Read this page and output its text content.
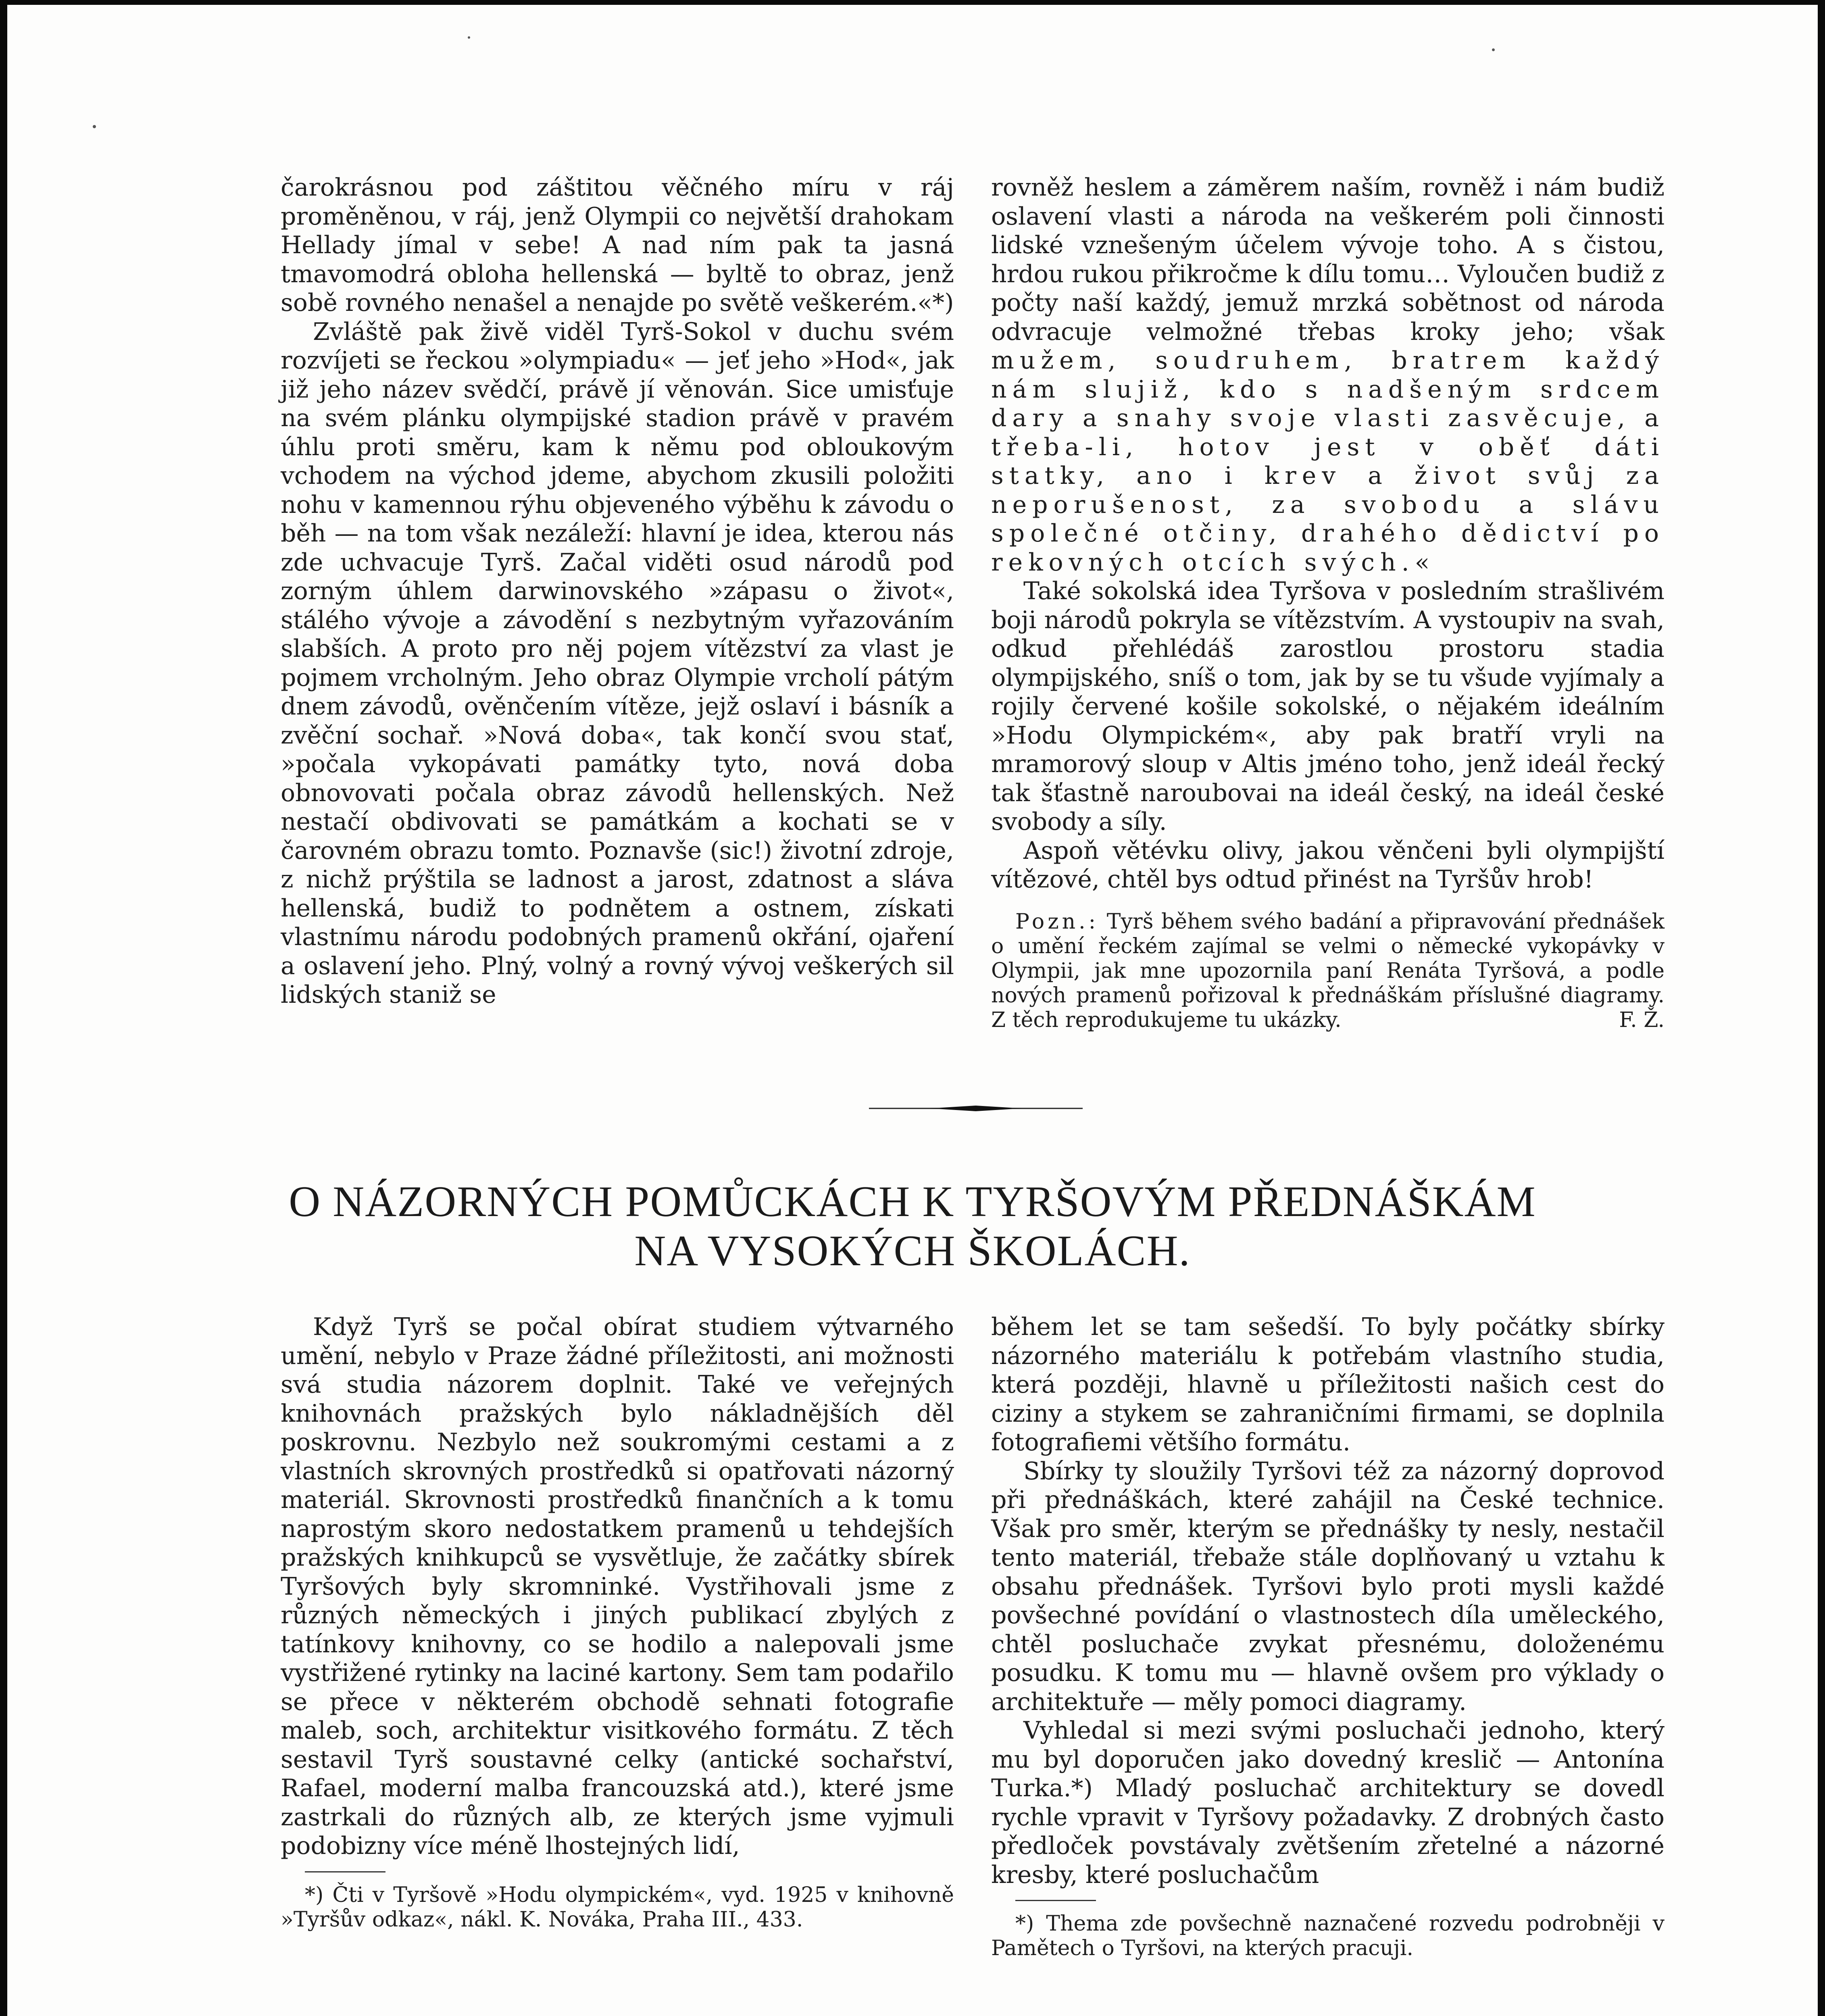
čarokrásnou pod záštitou věčného míru v ráj proměněnou, v ráj, jenž Olympii co největší drahokam Hellady jímal v sebe! A nad ním pak ta jasná tmavomodrá obloha hellenská — byltě to obraz, jenž sobě rovného nenašel a nenajde po světě veškerém.«*)

Zvláště pak živě viděl Tyrš-Sokol v duchu svém rozvíjeti se řeckou »olympiadu« — jeť jeho »Hod«, jak již jeho název svědčí, právě jí věnován. Sice umisťuje na svém plánku olympijské stadion právě v pravém úhlu proti směru, kam k němu pod obloukovým vchodem na východ jdeme, abychom zkusili položiti nohu v kamennou rýhu objeveného výběhu k závodu o běh — na tom však nezáleží: hlavní je idea, kterou nás zde uchvacuje Tyrš. Začal viděti osud národů pod zorným úhlem darwinovského »zápasu o život«, stálého vývoje a závodění s nezbytným vyřazováním slabších. A proto pro něj pojem vítězství za vlast je pojmem vrcholným. Jeho obraz Olympie vrcholí pátým dnem závodů, ověnčením vítěze, jejž oslaví i básník a zvěční sochař. »Nová doba«, tak končí svou stať, »počala vykopávati památky tyto, nová doba obnovovati počala obraz závodů hellenských. Než nestačí obdivovati se památkám a kochati se v čarovném obrazu tomto. Poznavše (sic!) životní zdroje, z nichž prýštila se ladnost a jarost, zdatnost a sláva hellenská, budiž to podnětem a ostnem, získati vlastnímu národu podobných pramenů okřání, ojaření a oslavení jeho. Plný, volný a rovný vývoj veškerých sil lidských staniž se

rovněž heslem a záměrem naším, rovněž i nám budiž oslavení vlasti a národa na veškerém poli činnosti lidské vznešeným účelem vývoje toho. A s čistou, hrdou rukou přikročme k dílu tomu… Vyloučen budiž z počty naší každý, jemuž mrzká sobětnost od národa odvracuje velmožné třebas kroky jeho; však mužem, soudruhem, bratrem každý nám slujiž, kdo s nadšeným srdcem dary a snahy svoje vlasti zasvěcuje, a třeba-li, hotov jest v oběť dáti statky, ano i krev a život svůj za neporušenost, za svobodu a slávu společné otčiny, drahého dědictví po rekovných otcích svých.«

Také sokolská idea Tyršova v posledním strašlivém boji národů pokryla se vítězstvím. A vystoupiv na svah, odkud přehlédáš zarostlou prostoru stadia olympijského, sníš o tom, jak by se tu všude vyjímaly a rojily červené košile sokolské, o nějakém ideálním »Hodu Olympickém«, aby pak bratří vryli na mramorový sloup v Altis jméno toho, jenž ideál řecký tak šťastně naroubovai na ideál český, na ideál české svobody a síly.

Aspoň větévku olivy, jakou věnčeni byli olympijští vítězové, chtěl bys odtud přinést na Tyršův hrob!

Pozn.: Tyrš během svého badání a připravování přednášek o umění řeckém zajímal se velmi o německé vykopávky v Olympii, jak mne upozornila paní Renáta Tyršová, a podle nových pramenů pořizoval k přednáškám příslušné diagramy. Z těch reprodukujeme tu ukázky.	F. Ž.

O NÁZORNÝCH POMŮCKÁCH K TYRŠOVÝM PŘEDNÁŠKÁM
NA VYSOKÝCH ŠKOLÁCH.

Když Tyrš se počal obírat studiem výtvarného umění, nebylo v Praze žádné příležitosti, ani možnosti svá studia názorem doplnit. Také ve veřejných knihovnách pražských bylo nákladnějších děl poskrovnu. Nezbylo než soukromými cestami a z vlastních skrovných prostředků si opatřovati názorný materiál. Skrovnosti prostředků finančních a k tomu naprostým skoro nedostatkem pramenů u tehdejších pražských knihkupců se vysvětluje, že začátky sbírek Tyršových byly skromninké. Vystřihovali jsme z různých německých i jiných publikací zbylých z tatínkovy knihovny, co se hodilo a nalepovali jsme vystřižené rytinky na laciné kartony. Sem tam podařilo se přece v některém obchodě sehnati fotografie maleb, soch, architektur visitkového formátu. Z těch sestavil Tyrš soustavné celky (antické sochařství, Rafael, moderní malba francouzská atd.), které jsme zastrkali do různých alb, ze kterých jsme vyjmuli podobizny více méně lhostejných lidí,

*) Čti v Tyršově »Hodu olympickém«, vyd. 1925 v knihovně »Tyršův odkaz«, nákl. K. Nováka, Praha III., 433.

během let se tam sešedší. To byly počátky sbírky názorného materiálu k potřebám vlastního studia, která později, hlavně u příležitosti našich cest do ciziny a stykem se zahraničními firmami, se doplnila fotografiemi většího formátu.

Sbírky ty sloužily Tyršovi též za názorný doprovod při přednáškách, které zahájil na České technice. Však pro směr, kterým se přednášky ty nesly, nestačil tento materiál, třebaže stále doplňovaný u vztahu k obsahu přednášek. Tyršovi bylo proti mysli každé povšechné povídání o vlastnostech díla uměleckého, chtěl posluchače zvykat přesnému, doloženému posudku. K tomu mu — hlavně ovšem pro výklady o architektuře — měly pomoci diagramy.

Vyhledal si mezi svými posluchači jednoho, který mu byl doporučen jako dovedný kreslič — Antonína Turka.*) Mladý posluchač architektury se dovedl rychle vpravit v Tyršovy požadavky. Z drobných často předloček povstávaly zvětšením zřetelné a názorné kresby, které posluchačům

*) Thema zde povšechně naznačené rozvedu podrobněji v Pamětech o Tyršovi, na kterých pracuji.
